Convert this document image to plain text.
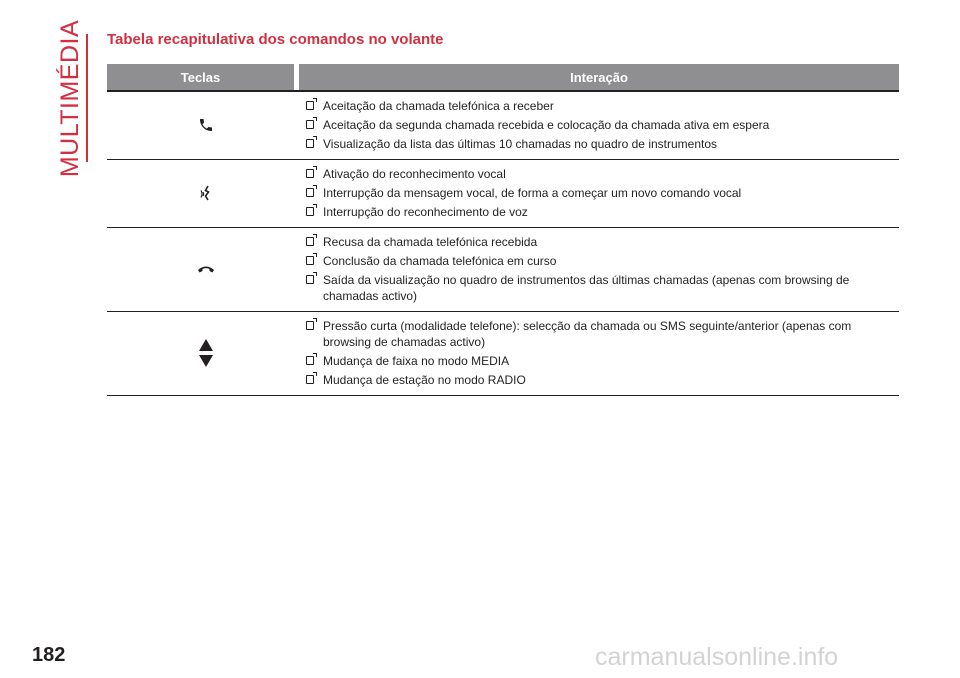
MULTIMÉDIA Tabela recapitulativa dos comandos no volante
Teclas	Interação
Aceitação da chamada telefónica a receber
Aceitação da segunda chamada recebida e colocação da chamada ativa em espera
Visualização da lista das últimas 10 chamadas no quadro de instrumentos
Ativação do reconhecimento vocal
Interrupção da mensagem vocal, de forma a começar um novo comando vocal
Interrupção do reconhecimento de voz
Recusa da chamada telefónica recebida
Conclusão da chamada telefónica em curso
Saída da visualização no quadro de instrumentos das últimas chamadas (apenas com browsing de chamadas activo)
Pressão curta (modalidade telefone): selecção da chamada ou SMS seguinte/anterior (apenas com browsing de chamadas activo)
Mudança de faixa no modo MEDIA
Mudança de estação no modo RADIO
182	carmanualsonline.info
